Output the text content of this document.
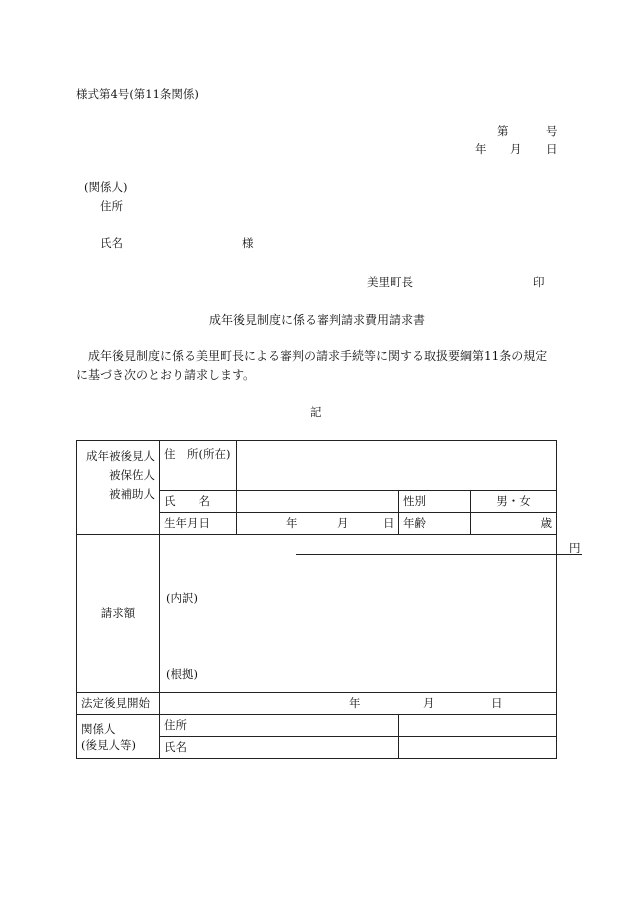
様式第4号(第11条関係)
第	号
年 月 日
(関係人)
住所
氏名	様
美里町長	印
成年後見制度に係る審判請求費用請求書
成年後見制度に係る美里町長による審判の請求手続等に関する取扱要綱第11条の規定に基づき次のとおり請求します。
記
成年被後見人
被保佐人
被補助人	住　所(所在)			
	氏　　名		性別	男・女
	生年月日	年 月 日	年齢	歳
請求額	円
(内訳)
(根拠)			

法定後見開始	年 月 日			

関係人
(後見人等)	住所			
	氏名			
